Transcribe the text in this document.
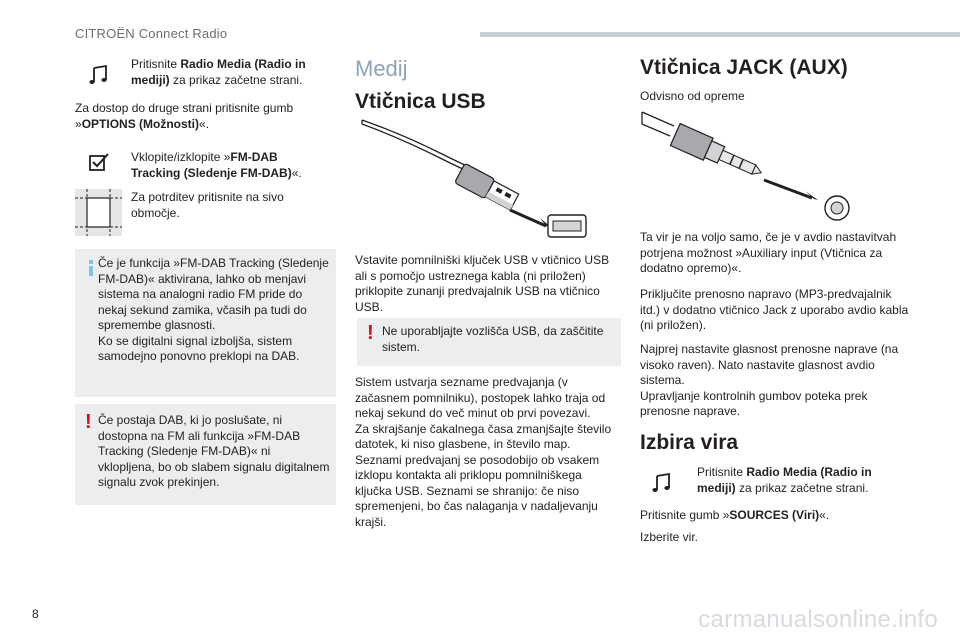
CITROËN Connect Radio
Pritisnite Radio Media (Radio in mediji) za prikaz začetne strani.
Za dostop do druge strani pritisnite gumb »OPTIONS (Možnosti)«.
Vklopite/izklopite »FM-DAB Tracking (Sledenje FM-DAB)«.
Za potrditev pritisnite na sivo območje.
Če je funkcija »FM-DAB Tracking (Sledenje FM-DAB)« aktivirana, lahko ob menjavi sistema na analogni radio FM pride do nekaj sekund zamika, včasih pa tudi do spremembe glasnosti.
Ko se digitalni signal izboljša, sistem samodejno ponovno preklopi na DAB.
! Če postaja DAB, ki jo poslušate, ni dostopna na FM ali funkcija »FM-DAB Tracking (Sledenje FM-DAB)« ni vklopljena, bo ob slabem signalu digitalnem signalu zvok prekinjen.
Medij
Vtičnica USB
Vstavite pomnilniški ključek USB v vtičnico USB ali s pomočjo ustreznega kabla (ni priložen) priklopite zunanji predvajalnik USB na vtičnico USB.
! Ne uporabljajte vozlišča USB, da zaščitite sistem.
Sistem ustvarja sezname predvajanja (v začasnem pomnilniku), postopek lahko traja od nekaj sekund do več minut ob prvi povezavi.
Za skrajšanje čakalnega časa zmanjšajte število datotek, ki niso glasbene, in število map.
Seznami predvajanj se posodobijo ob vsakem izklopu kontakta ali priklopu pomnilniškega ključka USB. Seznami se shranijo: če niso spremenjeni, bo čas nalaganja v nadaljevanju krajši.
Vtičnica JACK (AUX)
Odvisno od opreme
Ta vir je na voljo samo, če je v avdio nastavitvah potrjena možnost »Auxiliary input (Vtičnica za dodatno opremo)«.
Priključite prenosno napravo (MP3-predvajalnik itd.) v dodatno vtičnico Jack z uporabo avdio kabla (ni priložen).
Najprej nastavite glasnost prenosne naprave (na visoko raven). Nato nastavite glasnost avdio sistema.
Upravljanje kontrolnih gumbov poteka prek prenosne naprave.
Izbira vira
Pritisnite Radio Media (Radio in mediji) za prikaz začetne strani.
Pritisnite gumb »SOURCES (Viri)«.
Izberite vir.
8	carmanualsonline.info
